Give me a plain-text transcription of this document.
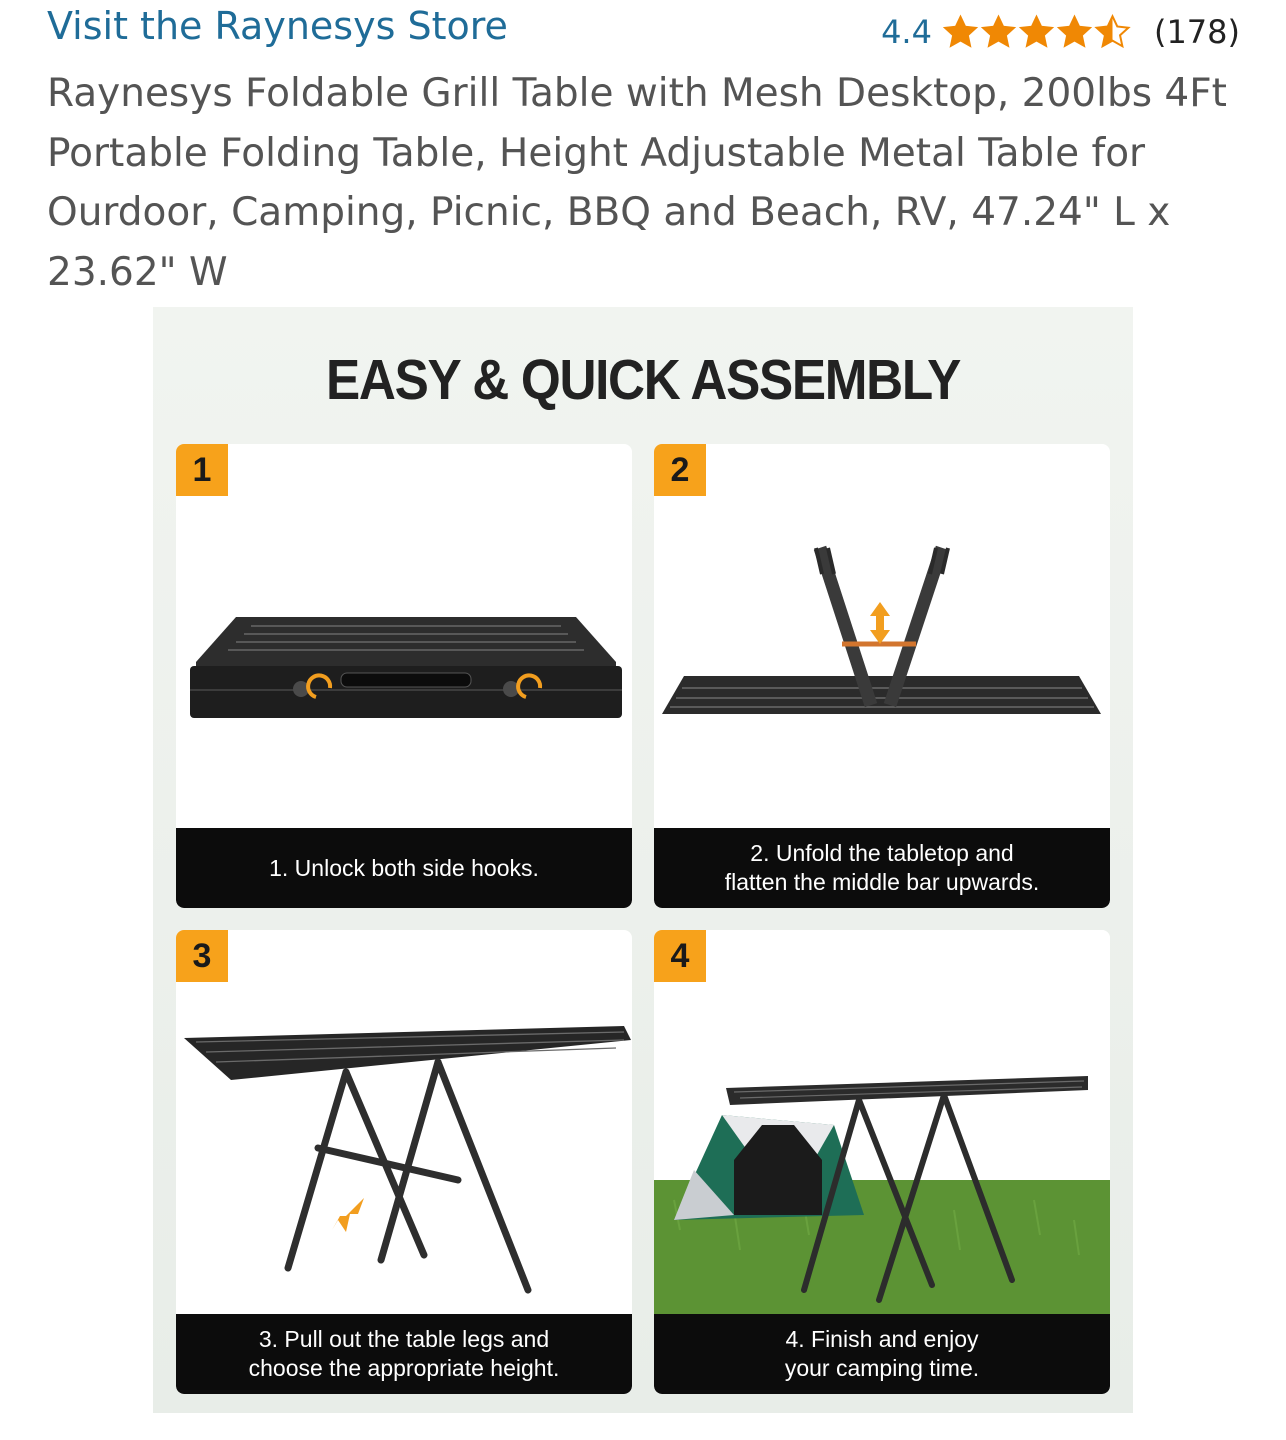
Visit the Raynesys Store	4.4	(178)
Raynesys Foldable Grill Table with Mesh Desktop, 200lbs 4Ft Portable Folding Table, Height Adjustable Metal Table for Ourdoor, Camping, Picnic, BBQ and Beach, RV, 47.24" L x 23.62" W
EASY & QUICK ASSEMBLY
1
1. Unlock both side hooks.
2
2. Unfold the tabletop and
flatten the middle bar upwards.
3
3. Pull out the table legs and
choose the appropriate height.
4
4. Finish and enjoy
your camping time.
